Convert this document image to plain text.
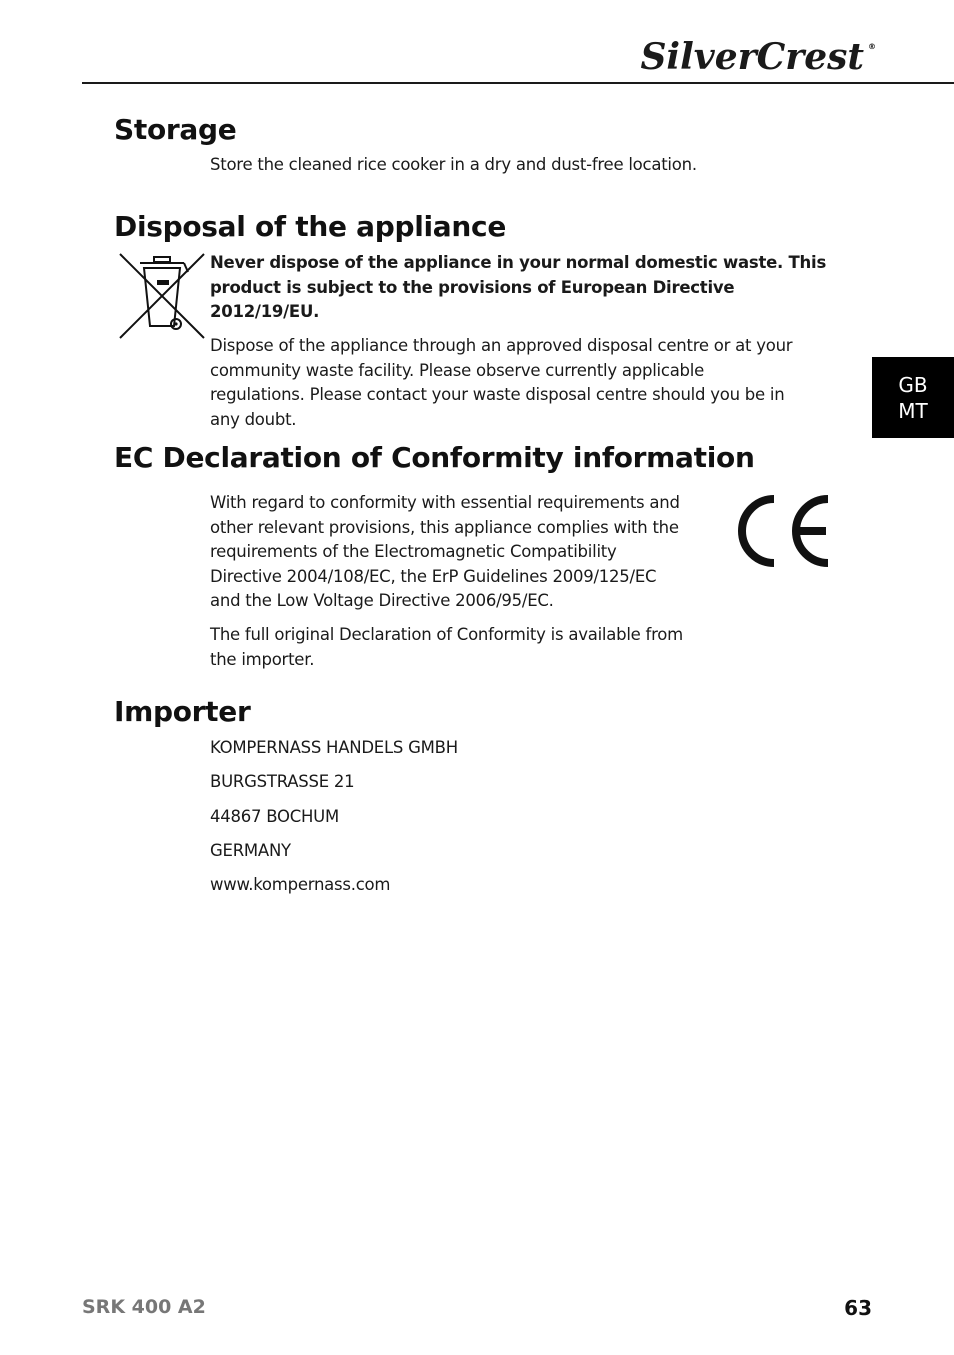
SilverCrest ®
GB
MT
Storage

Store the cleaned rice cooker in a dry and dust-free location.

Disposal of the appliance

Never dispose of the appliance in your normal domestic waste. This product is subject to the provisions of European Directive 2012/19/EU.

Dispose of the appliance through an approved disposal centre or at your community waste facility. Please observe currently applicable regulations. Please contact your waste disposal centre should you be in any doubt.

EC Declaration of Conformity information

With regard to conformity with essential requirements and other relevant provisions, this appliance complies with the requirements of the Electromagnetic Compatibility Directive 2004/108/EC, the ErP Guidelines 2009/125/EC and the Low Voltage Directive 2006/95/EC.

The full original Declaration of Conformity is available from the importer.

Importer

KOMPERNASS HANDELS GMBH

BURGSTRASSE 21

44867 BOCHUM

GERMANY

www.kompernass.com

SRK 400 A2	63
